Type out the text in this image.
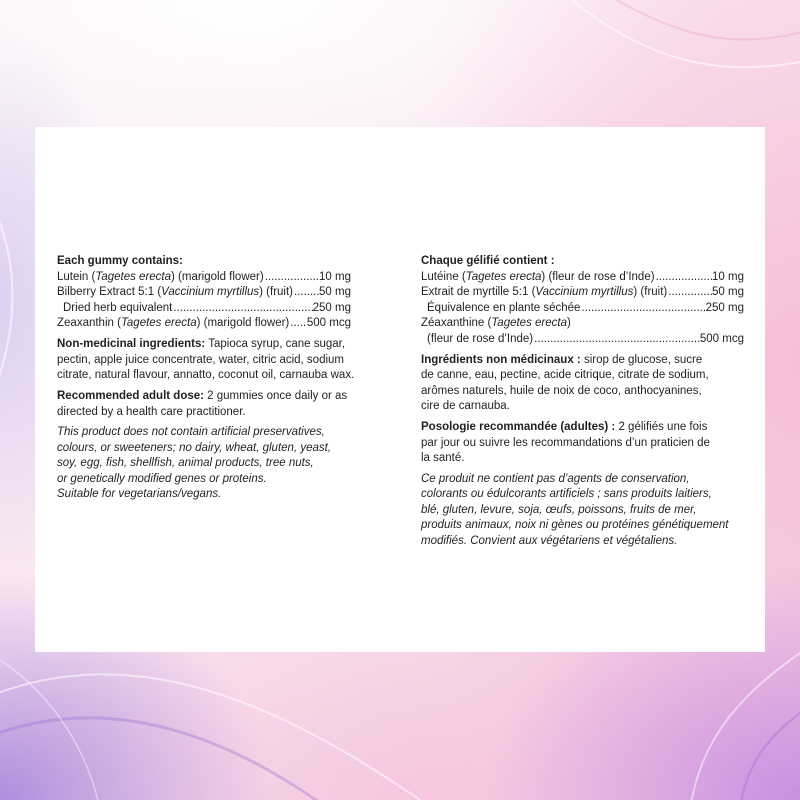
Each gummy contains:
Lutein (Tagetes erecta) (marigold flower) .....	10 mg
Bilberry Extract 5:1 (Vaccinium myrtillus) (fruit) ..... 50 mg
Dried herb equivalent .....	250 mg
Zeaxanthin (Tagetes erecta) (marigold flower) ..... 500 mcg
Non-medicinal ingredients: Tapioca syrup, cane sugar,
pectin, apple juice concentrate, water, citric acid, sodium
citrate, natural flavour, annatto, coconut oil, carnauba wax.
Recommended adult dose: 2 gummies once daily or as
directed by a health care practitioner.
This product does not contain artificial preservatives,
colours, or sweeteners; no dairy, wheat, gluten, yeast,
soy, egg, fish, shellfish, animal products, tree nuts,
or genetically modified genes or proteins.
Suitable for vegetarians/vegans.
Chaque gélifié contient :
Lutéine (Tagetes erecta) (fleur de rose d’Inde) .....	10 mg
Extrait de myrtille 5:1 (Vaccinium myrtillus) (fruit) .....	50 mg
Équivalence en plante séchée .....	250 mg
Zéaxanthine (Tagetes erecta)
(fleur de rose d’Inde) .....	500 mcg
Ingrédients non médicinaux : sirop de glucose, sucre
de canne, eau, pectine, acide citrique, citrate de sodium,
arômes naturels, huile de noix de coco, anthocyanines,
cire de carnauba.
Posologie recommandée (adultes) : 2 gélifiés une fois
par jour ou suivre les recommandations d’un praticien de
la santé.
Ce produit ne contient pas d’agents de conservation,
colorants ou édulcorants artificiels ; sans produits laitiers,
blé, gluten, levure, soja, œufs, poissons, fruits de mer,
produits animaux, noix ni gènes ou protéines génétiquement
modifiés. Convient aux végétariens et végétaliens.
